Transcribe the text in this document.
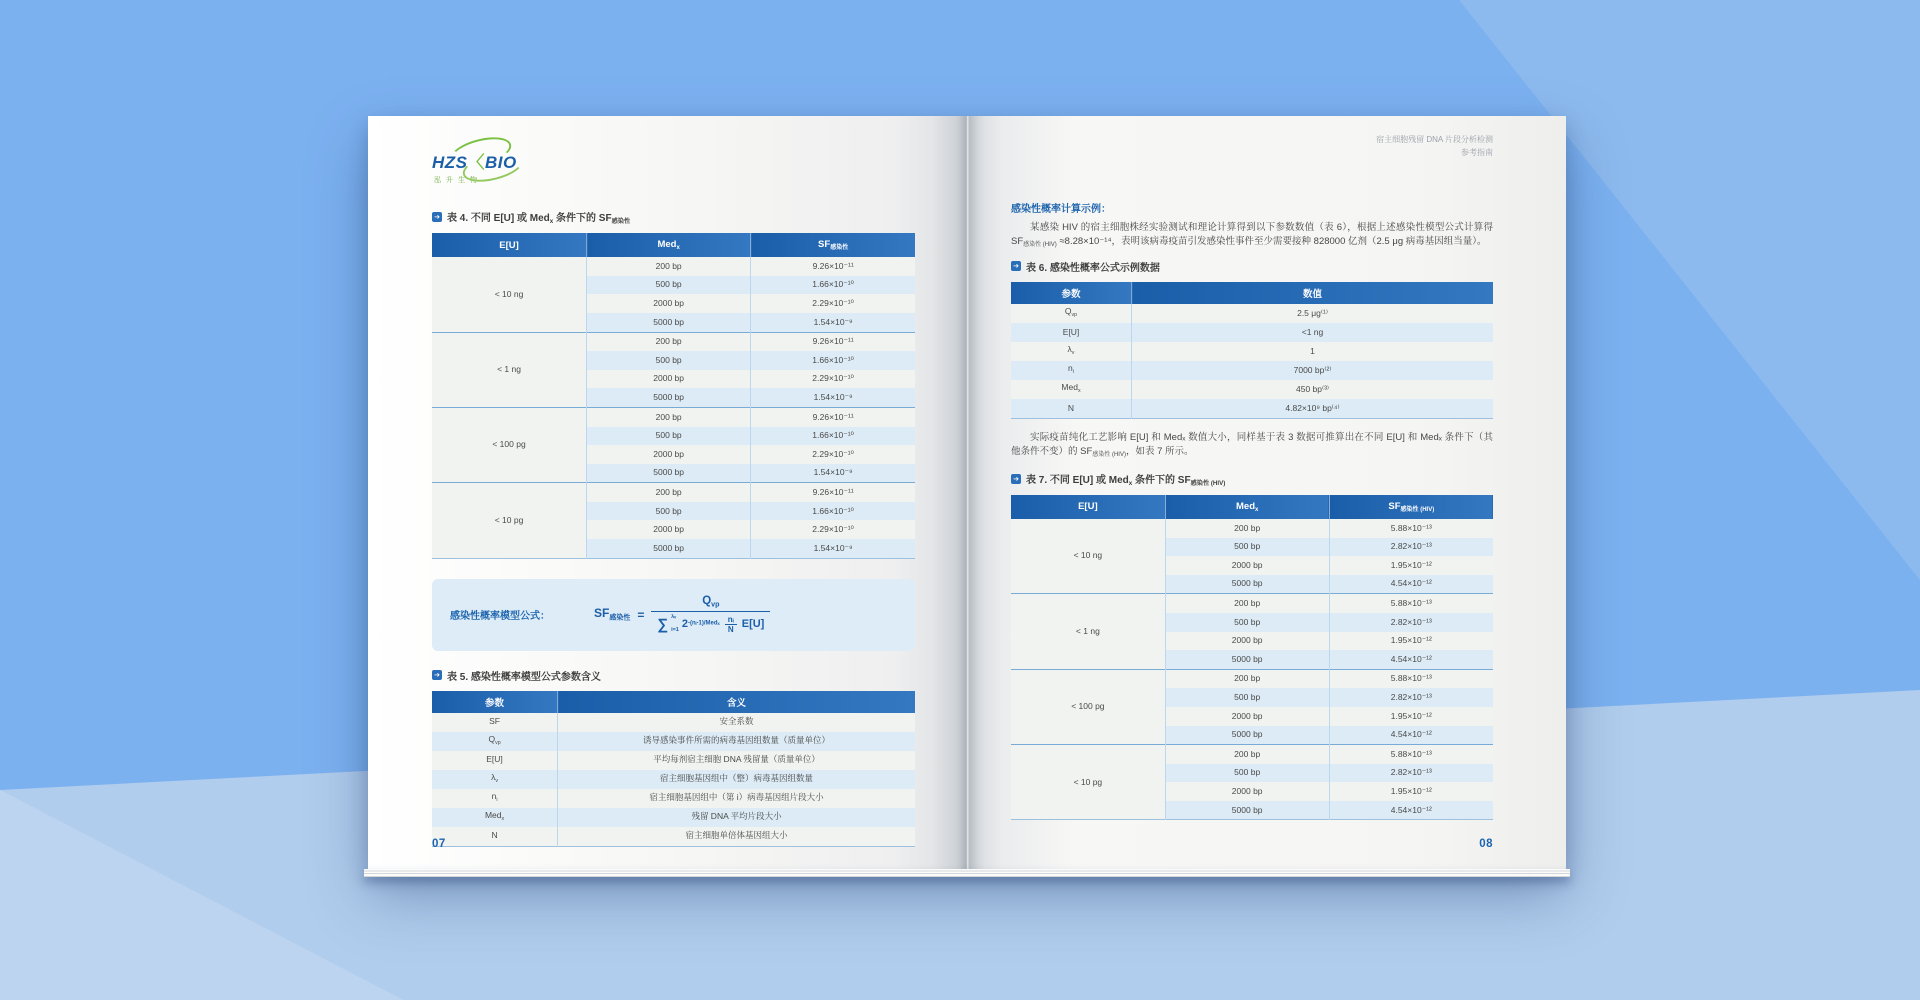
HZS〈BIO
泓升生物
➔ 表 4. 不同 E[U] 或 Med$_x$ 条件下的 $SF_{感染性}$
E[U]	Med$_x$	$SF_{感染性}$
< 10 ng	200 bp	9.26×10⁻¹¹
	500 bp	1.66×10⁻¹⁰
	2000 bp	2.29×10⁻¹⁰
	5000 bp	1.54×10⁻⁹
< 1 ng	200 bp	9.26×10⁻¹¹
	500 bp	1.66×10⁻¹⁰
	2000 bp	2.29×10⁻¹⁰
	5000 bp	1.54×10⁻⁹
< 100 pg	200 bp	9.26×10⁻¹¹
	500 bp	1.66×10⁻¹⁰
	2000 bp	2.29×10⁻¹⁰
	5000 bp	1.54×10⁻⁹
< 10 pg	200 bp	9.26×10⁻¹¹
	500 bp	1.66×10⁻¹⁰
	2000 bp	2.29×10⁻¹⁰
	5000 bp	1.54×10⁻⁹
感染性概率模型公式：	$SF_{感染性}$ =
$Q_{vp}$
∑ λᵥ
i=1 $2^{-(nᵢ-1)/Med_x}$	nᵢ
N E[U]
➔ 表 5. 感染性概率模型公式参数含义
参数	含义
SF	安全系数
$Q_{vp}$	诱导感染事件所需的病毒基因组数量（质量单位）
E[U]	平均每剂宿主细胞 DNA 残留量（质量单位）
$\lambda_v$	宿主细胞基因组中（整）病毒基因组数量
$n_i$	宿主细胞基因组中（第 i）病毒基因组片段大小
Med$_x$	残留 DNA 平均片段大小
N	宿主细胞单倍体基因组大小
07
宿主细胞残留 DNA 片段分析检测
参考指南
感染性概率计算示例：
某感染 HIV 的宿主细胞株经实验测试和理论计算得到以下参数数值（表 6），根据上述感染性模型公式计算得 $SF_{感染性 (HIV)} \approx 8.28\times 10^{-14}$，表明该病毒疫苗引发感染性事件至少需要接种 828000 亿剂（2.5 μg 病毒基因组当量）。
➔ 表 6. 感染性概率公式示例数据
参数	数值
$Q_{vp}$	2.5 μg⁽¹⁾
E[U]	<1 ng
$\lambda_v$	1
$n_i$	7000 bp⁽²⁾
Med$_x$	450 bp⁽³⁾
N	4.82×10⁹ bp⁽⁴⁾
实际疫苗纯化工艺影响 E[U] 和 Medₓ 数值大小，同样基于表 3 数据可推算出在不同 E[U] 和 Medₓ 条件下（其他条件不变）的 $SF_{感染性 (HIV)}$，如表 7 所示。
➔ 表 7. 不同 E[U] 或 Med$_x$ 条件下的 $SF_{感染性 (HIV)}$
E[U]	Med$_x$	$SF_{感染性 (HIV)}$
< 10 ng	200 bp	5.88×10⁻¹³
	500 bp	2.82×10⁻¹³
	2000 bp	1.95×10⁻¹²
	5000 bp	4.54×10⁻¹²
< 1 ng	200 bp	5.88×10⁻¹³
	500 bp	2.82×10⁻¹³
	2000 bp	1.95×10⁻¹²
	5000 bp	4.54×10⁻¹²
< 100 pg	200 bp	5.88×10⁻¹³
	500 bp	2.82×10⁻¹³
	2000 bp	1.95×10⁻¹²
	5000 bp	4.54×10⁻¹²
< 10 pg	200 bp	5.88×10⁻¹³
	500 bp	2.82×10⁻¹³
	2000 bp	1.95×10⁻¹²
	5000 bp	4.54×10⁻¹²
08
